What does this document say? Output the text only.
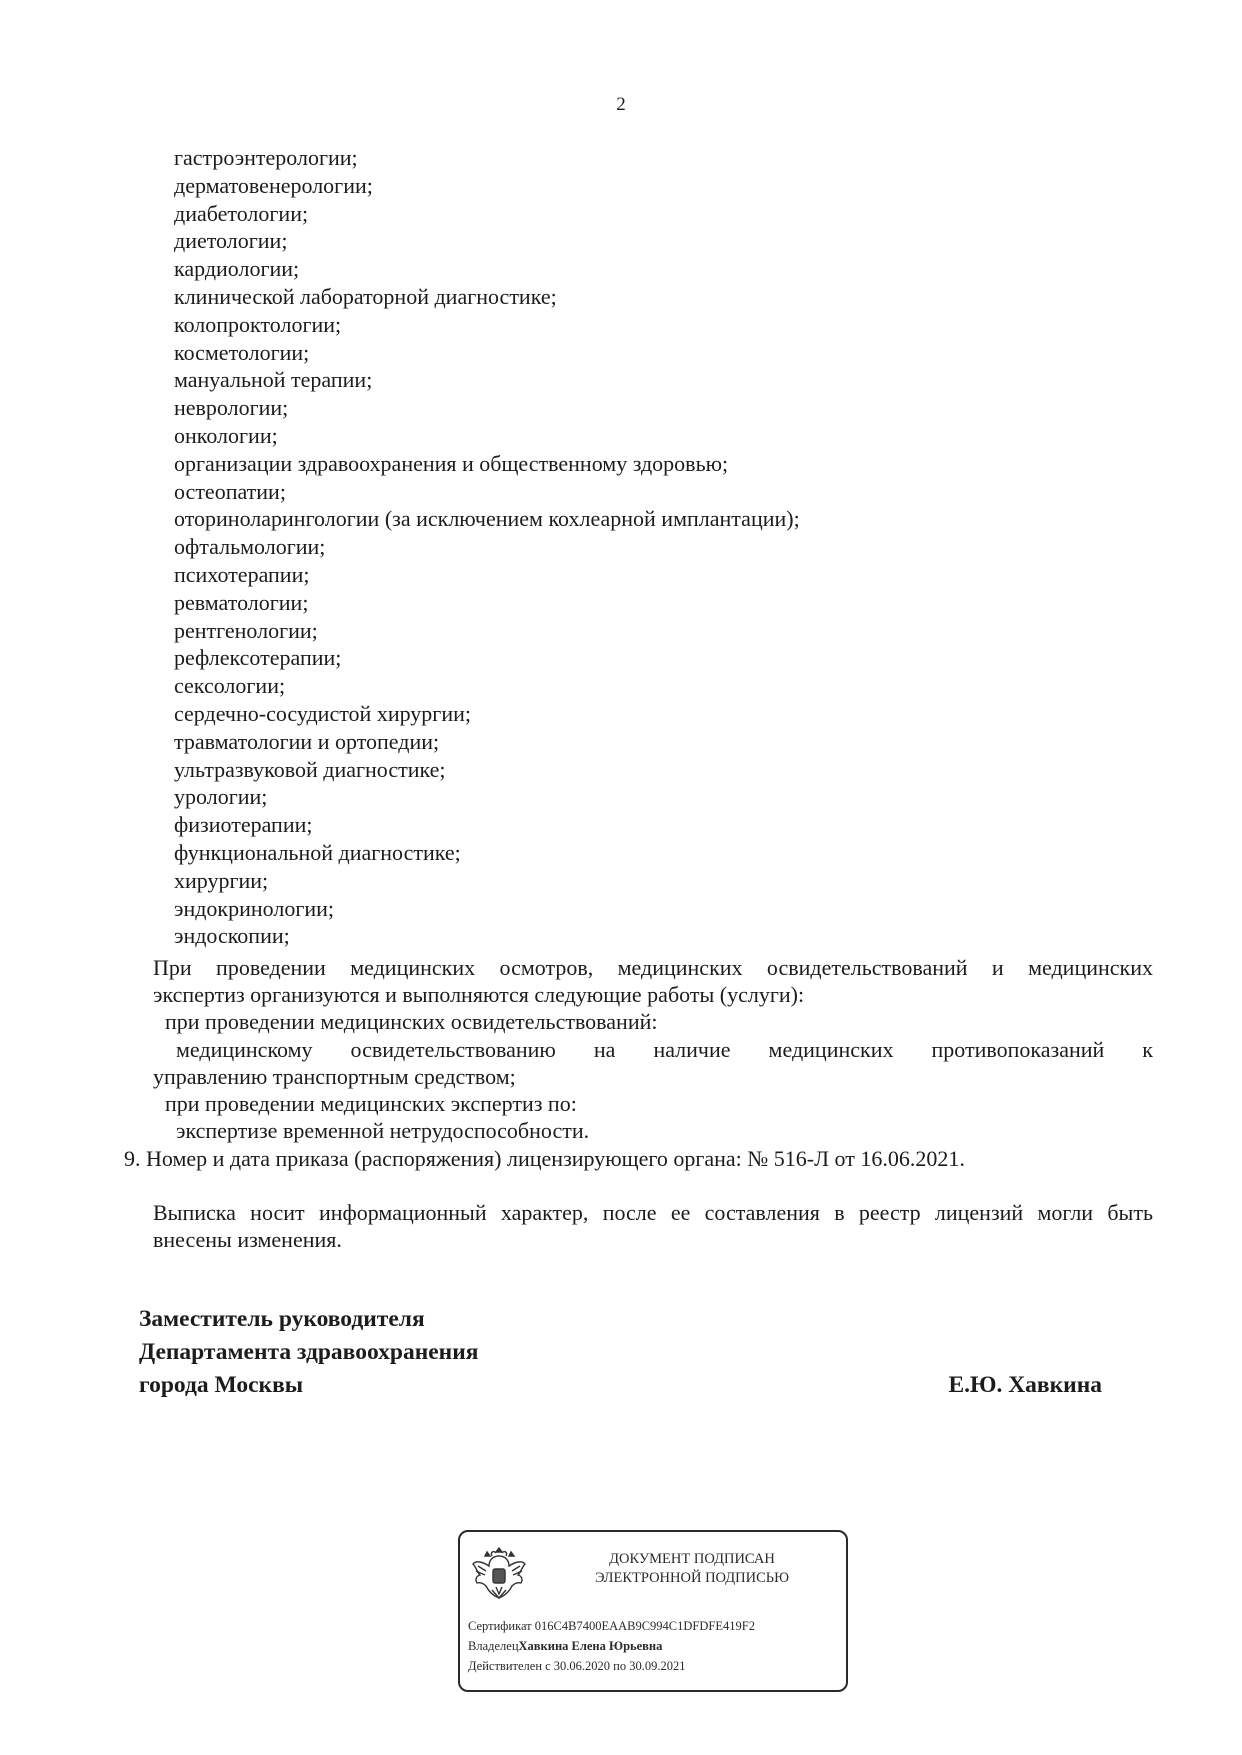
2
гастроэнтерологии;
дерматовенерологии;
диабетологии;
диетологии;
кардиологии;
клинической лабораторной диагностике;
колопроктологии;
косметологии;
мануальной терапии;
неврологии;
онкологии;
организации здравоохранения и общественному здоровью;
остеопатии;
оториноларингологии (за исключением кохлеарной имплантации);
офтальмологии;
психотерапии;
ревматологии;
рентгенологии;
рефлексотерапии;
сексологии;
сердечно-сосудистой хирургии;
травматологии и ортопедии;
ультразвуковой диагностике;
урологии;
физиотерапии;
функциональной диагностике;
хирургии;
эндокринологии;
эндоскопии;
При проведении медицинских осмотров, медицинских освидетельствований и медицинских
экспертиз организуются и выполняются следующие работы (услуги):
при проведении медицинских освидетельствований:
медицинскому освидетельствованию на наличие медицинских противопоказаний к
управлению транспортным средством;
при проведении медицинских экспертиз по:
экспертизе временной нетрудоспособности.
9. Номер и дата приказа (распоряжения) лицензирующего органа: № 516-Л от 16.06.2021.
Выписка носит информационный характер, после ее составления в реестр лицензий могли быть
внесены изменения.
Заместитель руководителя
Департамента здравоохранения
города Москвы	Е.Ю. Хавкина
ДОКУМЕНТ ПОДПИСАН
ЭЛЕКТРОННОЙ ПОДПИСЬЮ
Сертификат 016C4B7400EAAB9C994C1DFDFE419F2
ВладелецХавкина Елена Юрьевна
Действителен с 30.06.2020 по 30.09.2021
